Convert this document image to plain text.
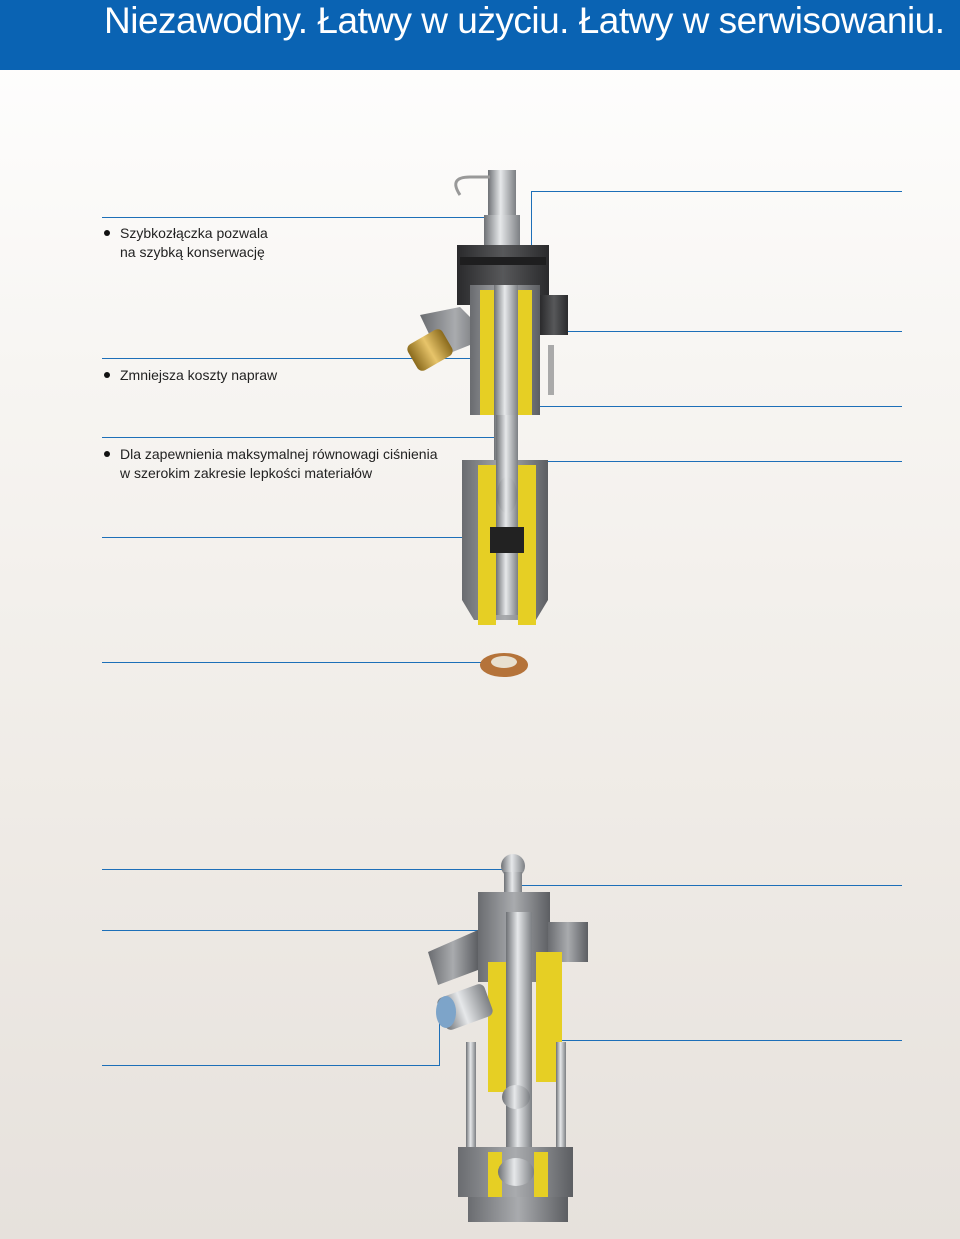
Niezawodny. Łatwy w użyciu. Łatwy w serwisowaniu.
Szybkozłączka pozwala
na szybką konserwację
Zmniejsza koszty napraw
Dla zapewnienia maksymalnej równowagi ciśnienia
w szerokim zakresie lepkości materiałów
